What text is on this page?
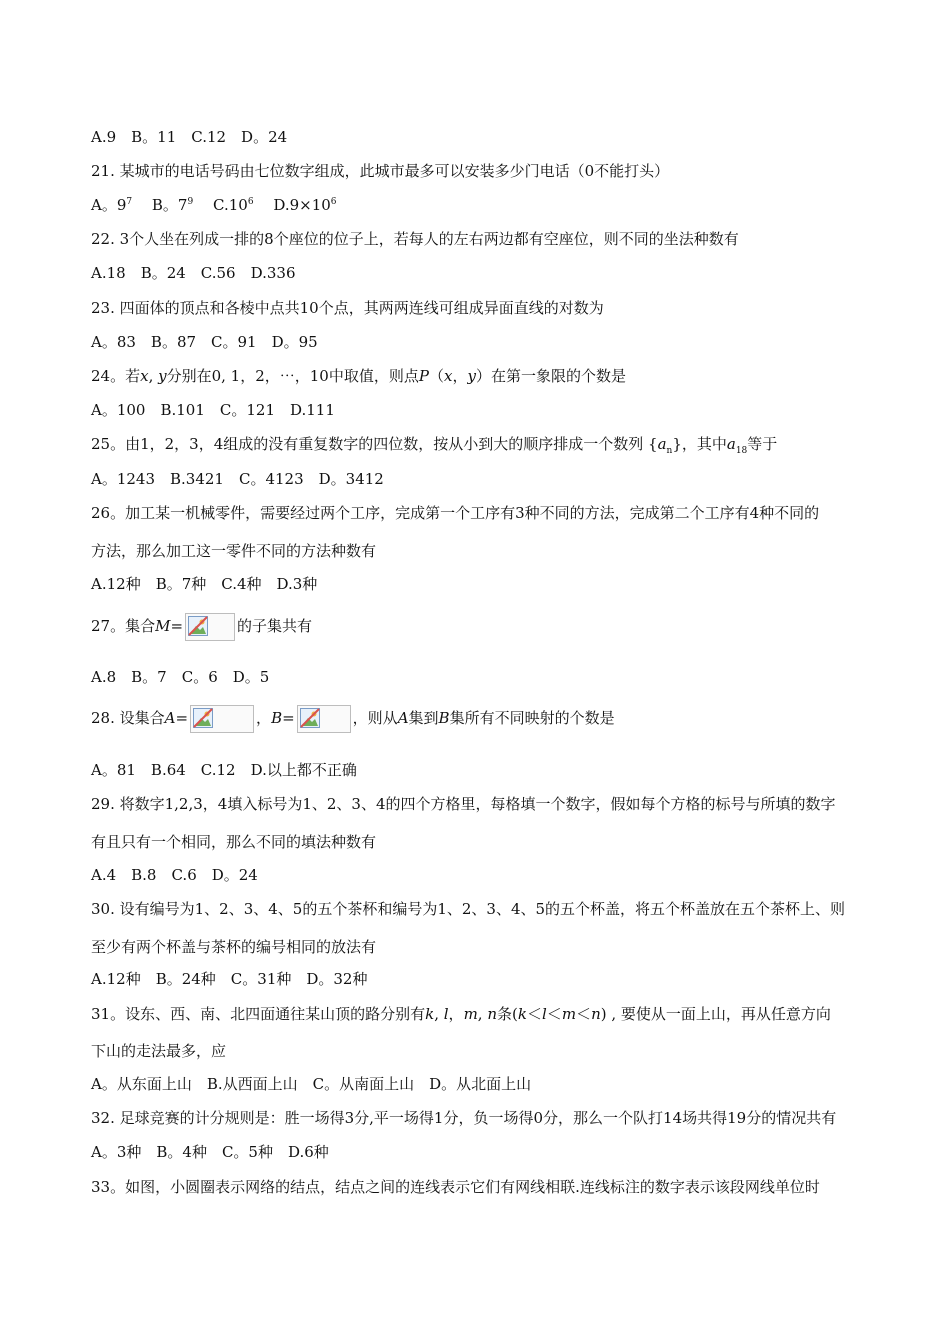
A.9　B。11　C.12　D。24
21. 某城市的电话号码由七位数字组成，此城市最多可以安装多少门电话（0不能打头）
A。$9^7$　 B。$7^9$　 $C.10^6$　 $D.9\times 10^6$
22. 3个人坐在列成一排的8个座位的位子上，若每人的左右两边都有空座位，则不同的坐法种数有
A.18　B。24　C.56　D.336
23. 四面体的顶点和各棱中点共10个点，其两两连线可组成异面直线的对数为
A。83　B。87　C。91　D。95
24。若x, y分别在0, 1，2，⋯，10中取值，则点P（x，y）在第一象限的个数是
A。100　B.101　C。121　D.111
25。由1，2，3，4组成的没有重复数字的四位数，按从小到大的顺序排成一个数列 $\{a_n\}$，其中$a_{18}$等于
A。1243　B.3421　C。4123　D。3412
26。加工某一机械零件，需要经过两个工序，完成第一个工序有3种不同的方法，完成第二个工序有4种不同的
方法，那么加工这一零件不同的方法种数有
A.12种　B。7种　C.4种　D.3种
27。集合M=	的子集共有
A.8　B。7　C。6　D。5
28. 设集合A=	，B=	，则从A集到B集所有不同映射的个数是
A。81　B.64　C.12　D.以上都不正确
29. 将数字1,2,3，4填入标号为1、2、3、4的四个方格里，每格填一个数字，假如每个方格的标号与所填的数字
有且只有一个相同，那么不同的填法种数有
A.4　B.8　C.6　D。24
30. 设有编号为1、2、3、4、5的五个茶杯和编号为1、2、3、4、5的五个杯盖，将五个杯盖放在五个茶杯上、则
至少有两个杯盖与茶杯的编号相同的放法有
A.12种　B。24种　C。31种　D。32种
31。设东、西、南、北四面通往某山顶的路分别有k, l，m, n条(k＜l＜m＜n) , 要使从一面上山，再从任意方向
下山的走法最多，应
A。从东面上山　B.从西面上山　C。从南面上山　D。从北面上山
32. 足球竞赛的计分规则是：胜一场得3分,平一场得1分，负一场得0分，那么一个队打14场共得19分的情况共有
A。3种　B。4种　C。5种　D.6种
33。如图，小圆圈表示网络的结点，结点之间的连线表示它们有网线相联.连线标注的数字表示该段网线单位时
